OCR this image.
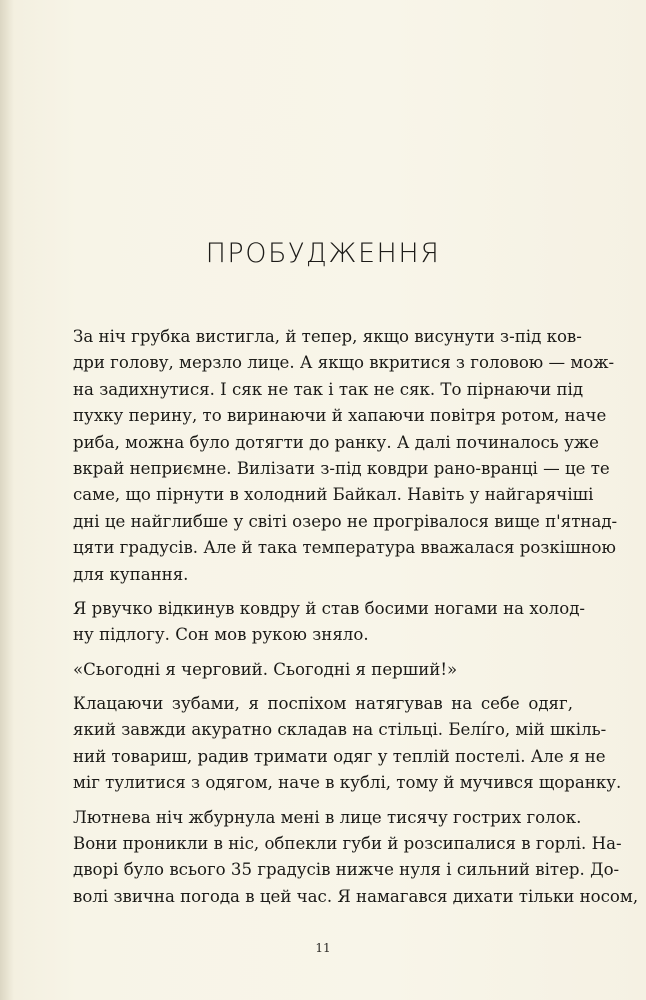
ПРОБУДЖЕННЯ
За ніч грубка вистигла, й тепер, якщо висунути з-під ков-
дри голову, мерзло лице. А якщо вкритися з головою — мож-
на задихнутися. І сяк не так і так не сяк. То пірнаючи під
пухку перину, то виринаючи й хапаючи повітря ротом, наче
риба, можна було дотягти до ранку. А далі починалось уже
вкрай неприємне. Вилізати з-під ковдри рано-вранці — це те
саме, що пірнути в холодний Байкал. Навіть у найгарячіші
дні це найглибше у світі озеро не прогрівалося вище п'ятнад-
цяти градусів. Але й така температура вважалася розкішною
для купання.
Я рвучко відкинув ковдру й став босими ногами на холод-
ну підлогу. Сон мов рукою зняло.
«Сьогодні я черговий. Сьогодні я перший!»
Клацаючи зубами, я поспіхом натягував на себе одяг,
який завжди акуратно складав на стільці. Белі́го, мій шкіль-
ний товариш, радив тримати одяг у теплій постелі. Але я не
міг тулитися з одягом, наче в кублі, тому й мучився щоранку.
Лютнева ніч жбурнула мені в лице тисячу гострих голок.
Вони проникли в ніс, обпекли губи й розсипалися в горлі. На-
дворі було всього 35 градусів нижче нуля і сильний вітер. До-
волі звична погода в цей час. Я намагався дихати тільки носом,
11
